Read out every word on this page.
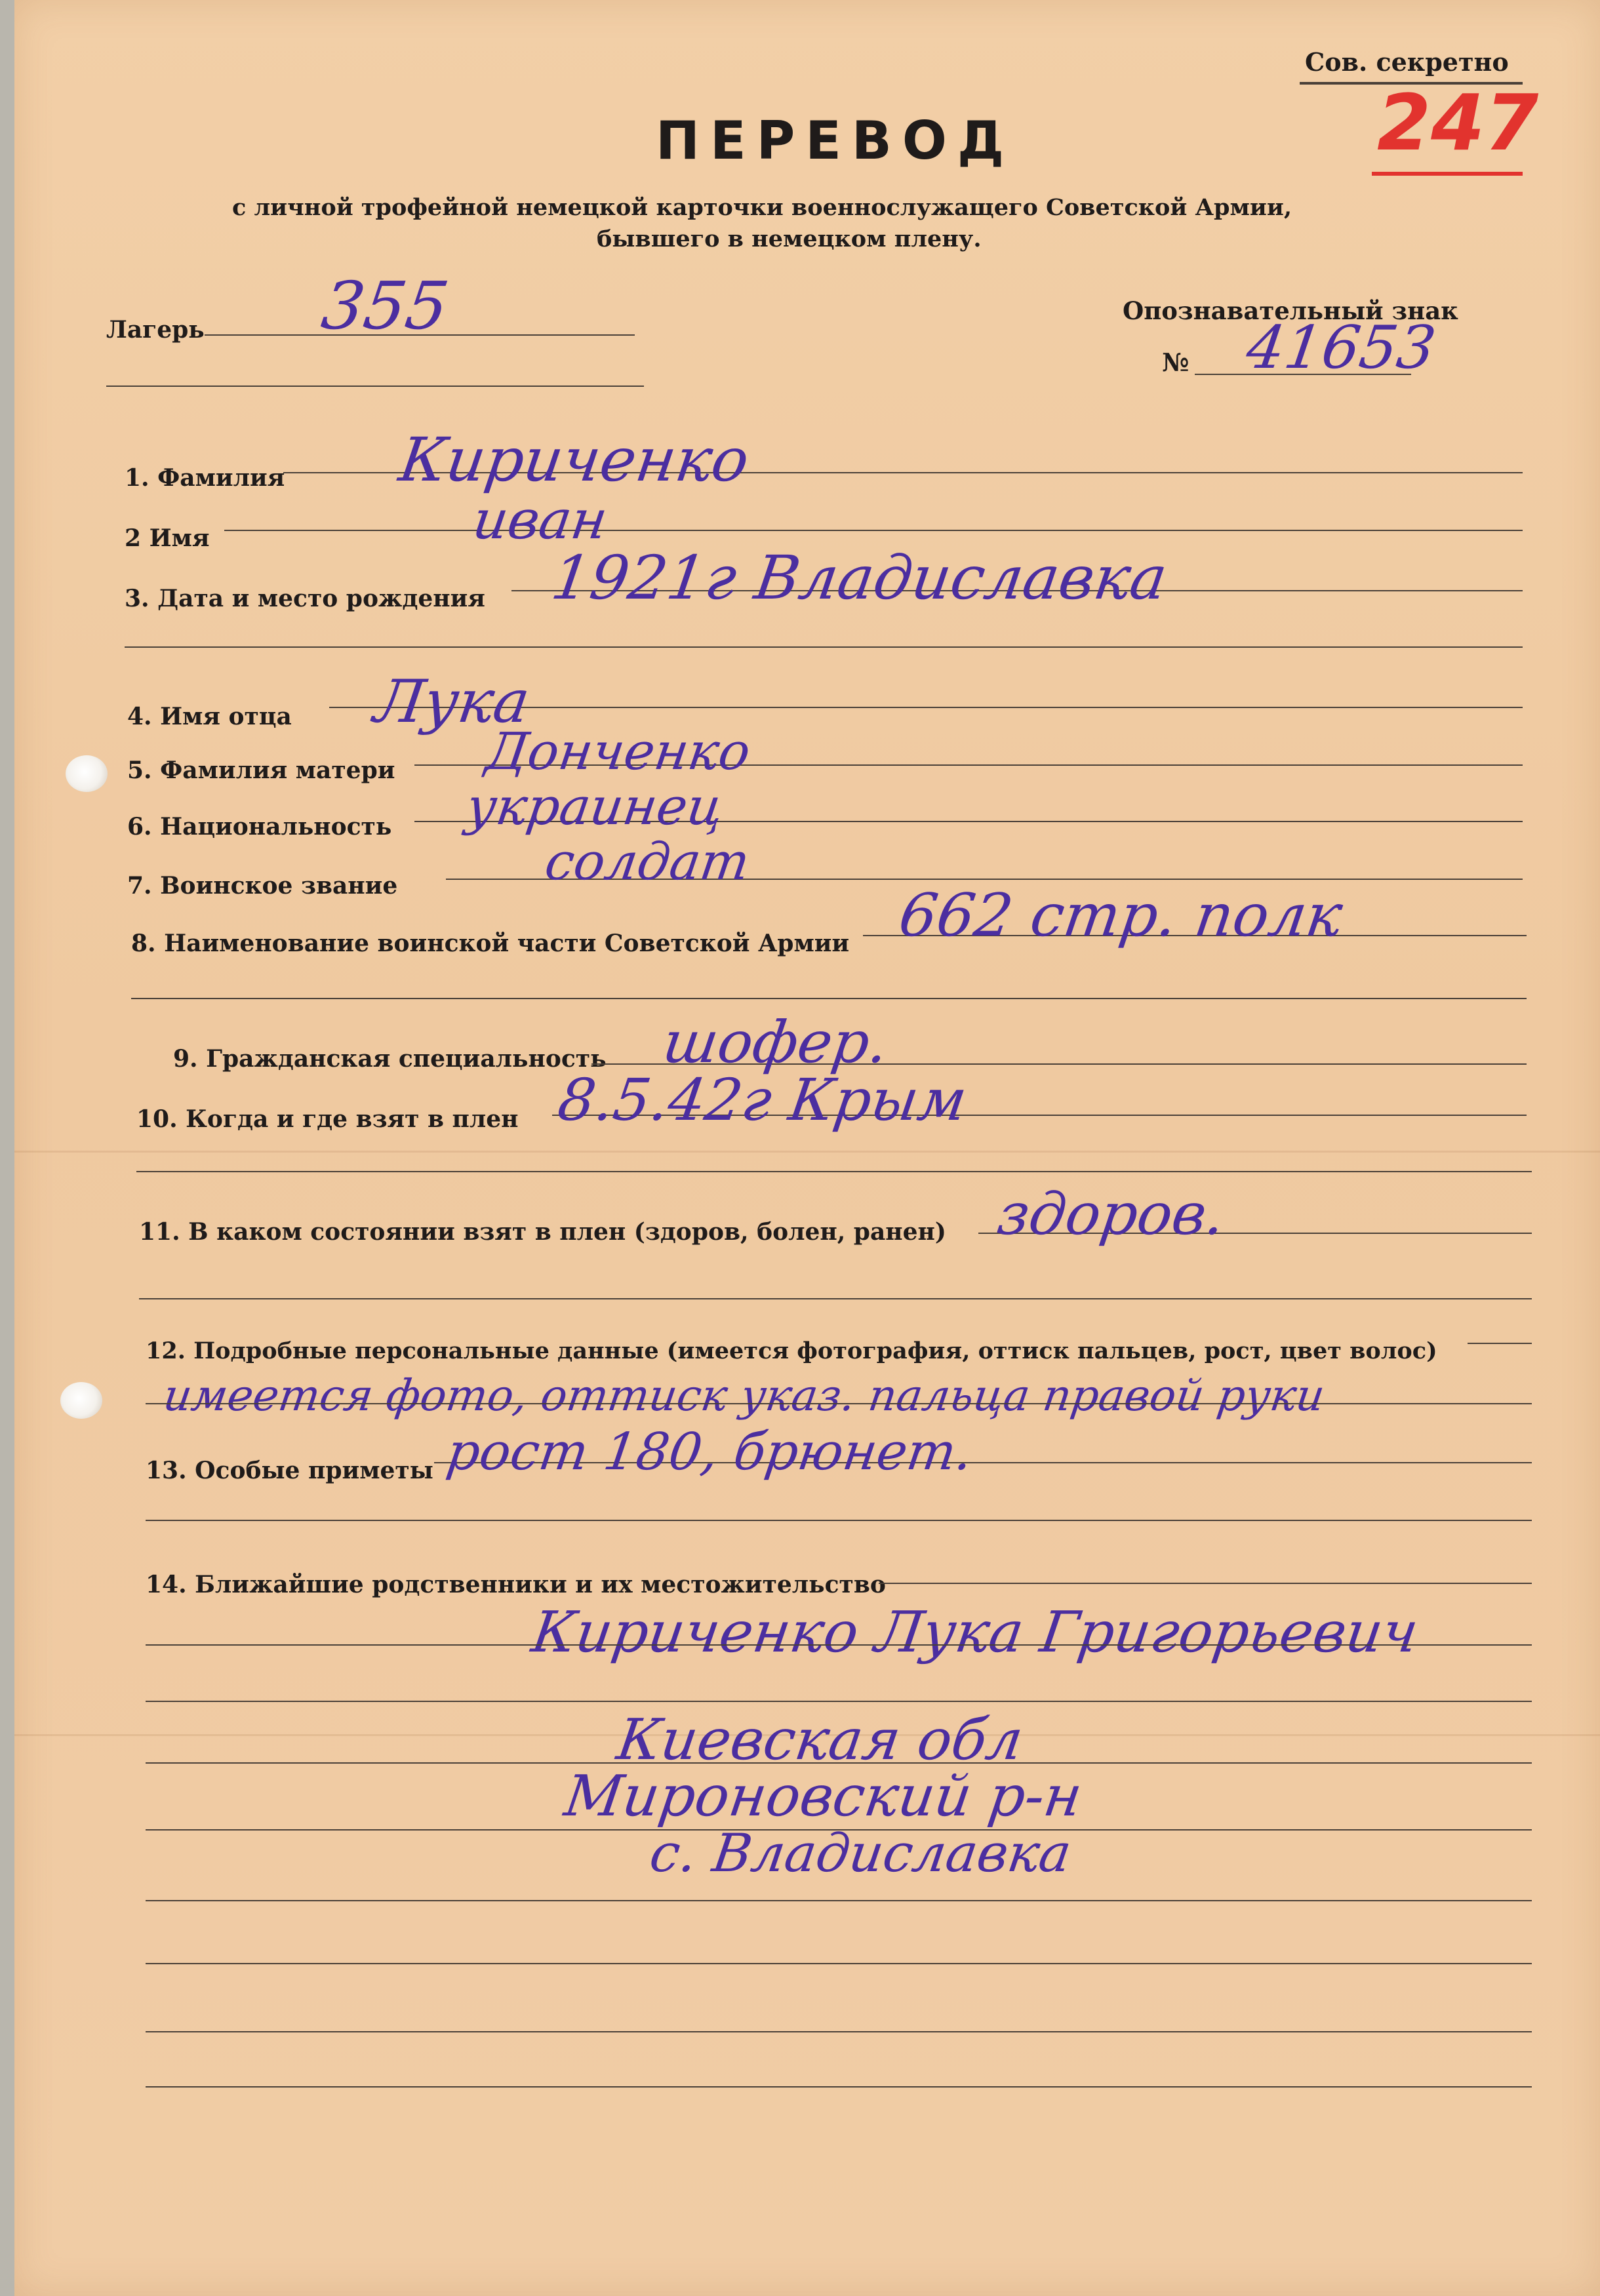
Сов. секретно
247
ПЕРЕВОД
с личной трофейной немецкой карточки военнослужащего Советской Армии,
бывшего в немецком плену.
Лагерь 355	Опознавательный знак
№ 41653
1. Фамилия Кириченко
2 Имя	иван
3. Дата и место рождения 1921г Владиславка
4. Имя отца Лука
5. Фамилия матери Донченко
6. Национальность украинец
7. Воинское звание	солдат
8. Наименование воинской части Советской Армии 662 стр. полк
9. Гражданская специальность шофер.
10. Когда и где взят в плен 8.5.42г Крым
11. В каком состоянии взят в плен (здоров, болен, ранен) здоров.
12. Подробные персональные данные (имеется фотография, оттиск пальцев, рост, цвет волос)
имеется фото, оттиск указ. пальца правой руки
13. Особые приметы рост 180, брюнет.
14. Ближайшие родственники и их местожительство
Кириченко Лука Григорьевич
Киевская обл
Мироновский р-н
с. Владиславка
